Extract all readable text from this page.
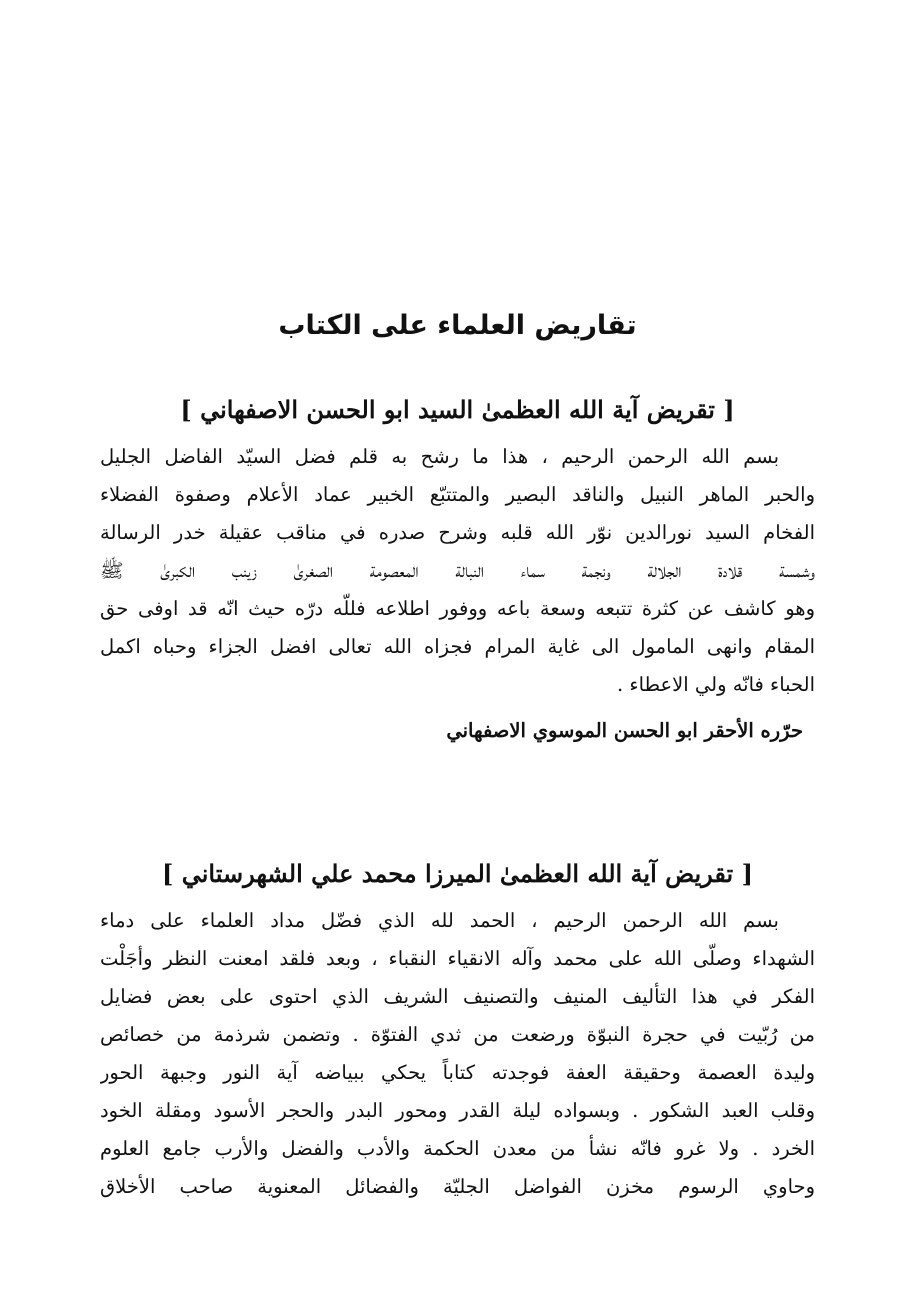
تقاريض العلماء على الكتاب
[ تقريض آية الله العظمىٰ السيد ابو الحسن الاصفهاني ]

بسم الله الرحمن الرحيم ، هذا ما رشح به قلم فضل السيّد الفاضل الجليل
والحبر الماهر النبيل والناقد البصير والمتتبّع الخبير عماد الأعلام وصفوة الفضلاء
الفخام السيد نورالدين نوّر الله قلبه وشرح صدره في مناقب عقيلة خدر الرسالة
وشمسة قلادة الجلالة ونجمة سماء النبالة المعصومة الصغرىٰ زينب الكبرىٰ ﷺ
وهو كاشف عن كثرة تتبعه وسعة باعه ووفور اطلاعه فللّه درّه حيث انّه قد اوفى حق
المقام وانهى المامول الى غاية المرام فجزاه الله تعالى افضل الجزاء وحباه اكمل
الحباء فانّه ولي الاعطاء .

حرّره الأحقر ابو الحسن الموسوي الاصفهاني

[ تقريض آية الله العظمىٰ الميرزا محمد علي الشهرستاني ]

بسم الله الرحمن الرحيم ، الحمد لله الذي فضّل مداد العلماء على دماء
الشهداء وصلّى الله على محمد وآله الانقياء النقباء ، وبعد فلقد امعنت النظر وأجَلْت
الفكر في هذا التأليف المنيف والتصنيف الشريف الذي احتوى على بعض فضايل
من رُبّيت في حجرة النبوّة ورضعت من ثدي الفتوّة . وتضمن شرذمة من خصائص
وليدة العصمة وحقيقة العفة فوجدته كتاباً يحكي ببياضه آية النور وجبهة الحور
وقلب العبد الشكور . وبسواده ليلة القدر ومحور البدر والحجر الأسود ومقلة الخود
الخرد . ولا غرو فانّه نشأ من معدن الحكمة والأدب والفضل والأرب جامع العلوم
وحاوي الرسوم مخزن الفواضل الجليّة والفضائل المعنوية صاحب الأخلاق
